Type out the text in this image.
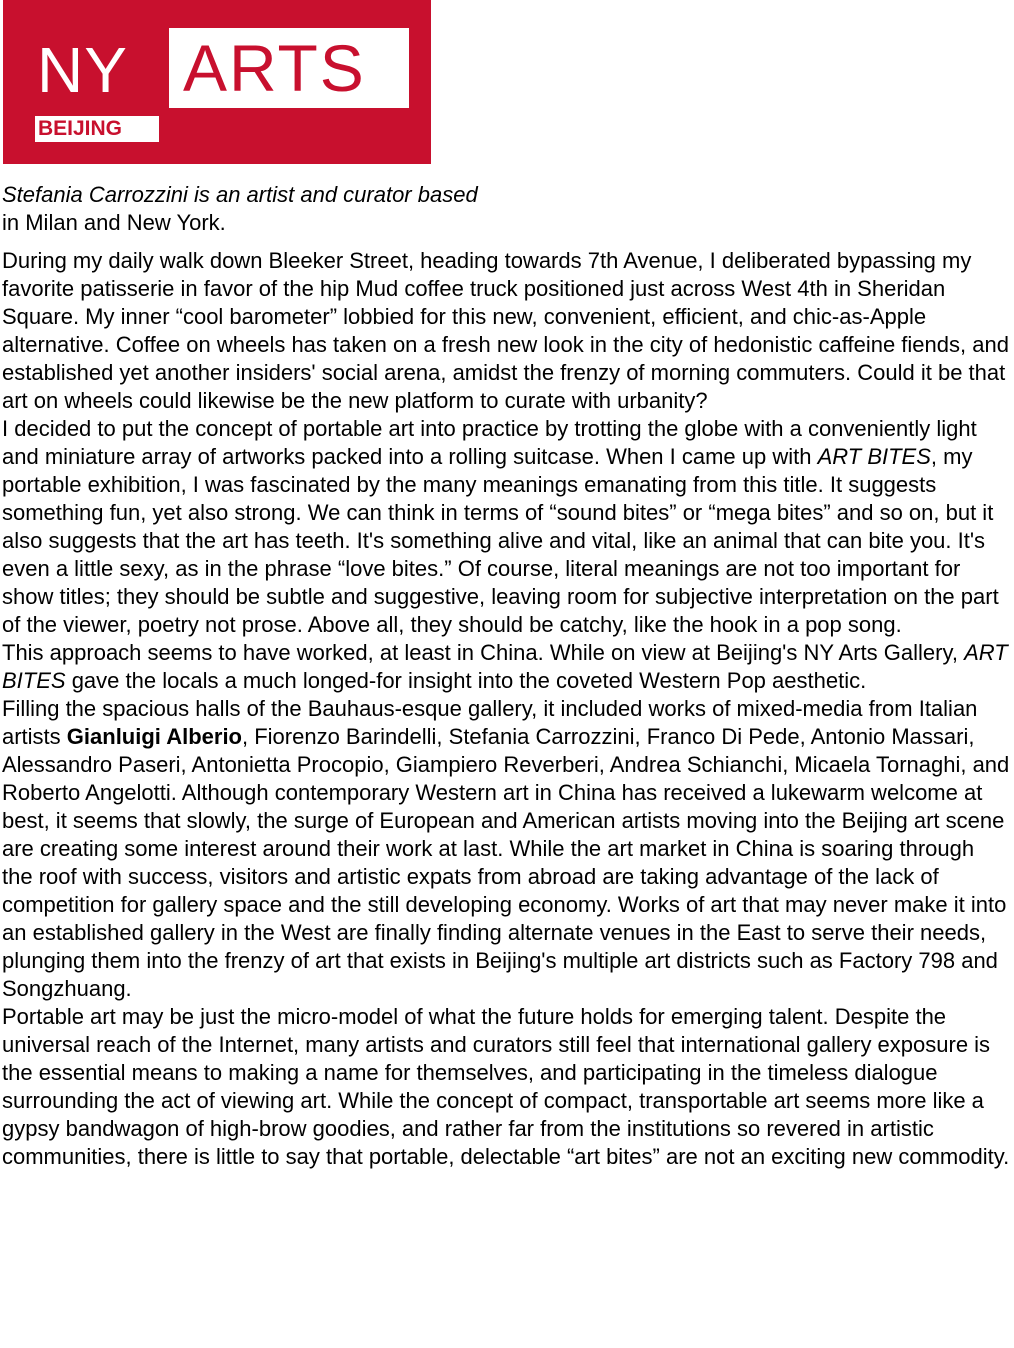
NY ARTS
BEIJING
Stefania Carrozzini is an artist and curator based
in Milan and New York.

During my daily walk down Bleeker Street, heading towards 7th Avenue, I deliberated bypassing my favorite patisserie in favor of the hip Mud coffee truck positioned just across West 4th in Sheridan Square. My inner “cool barometer” lobbied for this new, convenient, efficient, and chic-as-Apple alternative. Coffee on wheels has taken on a fresh new look in the city of hedonistic caffeine fiends, and established yet another insiders' social arena, amidst the frenzy of morning commuters. Could it be that art on wheels could likewise be the new platform to curate with urbanity?

I decided to put the concept of portable art into practice by trotting the globe with a conveniently light and miniature array of artworks packed into a rolling suitcase. When I came up with ART BITES, my portable exhibition, I was fascinated by the many meanings emanating from this title. It suggests something fun, yet also strong. We can think in terms of “sound bites” or “mega bites” and so on, but it also suggests that the art has teeth. It's something alive and vital, like an animal that can bite you. It's even a little sexy, as in the phrase “love bites.” Of course, literal meanings are not too important for show titles; they should be subtle and suggestive, leaving room for subjective interpretation on the part of the viewer, poetry not prose. Above all, they should be catchy, like the hook in a pop song.

This approach seems to have worked, at least in China. While on view at Beijing's NY Arts Gallery, ART BITES gave the locals a much longed-for insight into the coveted Western Pop aesthetic.

Filling the spacious halls of the Bauhaus-esque gallery, it included works of mixed-media from Italian artists Gianluigi Alberio, Fiorenzo Barindelli, Stefania Carrozzini, Franco Di Pede, Antonio Massari, Alessandro Paseri, Antonietta Procopio, Giampiero Reverberi, Andrea Schianchi, Micaela Tornaghi, and Roberto Angelotti. Although contemporary Western art in China has received a lukewarm welcome at best, it seems that slowly, the surge of European and American artists moving into the Beijing art scene are creating some interest around their work at last. While the art market in China is soaring through the roof with success, visitors and artistic expats from abroad are taking advantage of the lack of competition for gallery space and the still developing economy. Works of art that may never make it into an established gallery in the West are finally finding alternate venues in the East to serve their needs, plunging them into the frenzy of art that exists in Beijing's multiple art districts such as Factory 798 and Songzhuang.

Portable art may be just the micro-model of what the future holds for emerging talent. Despite the universal reach of the Internet, many artists and curators still feel that international gallery exposure is the essential means to making a name for themselves, and participating in the timeless dialogue surrounding the act of viewing art. While the concept of compact, transportable art seems more like a gypsy bandwagon of high-brow goodies, and rather far from the institutions so revered in artistic communities, there is little to say that portable, delectable “art bites” are not an exciting new commodity.
